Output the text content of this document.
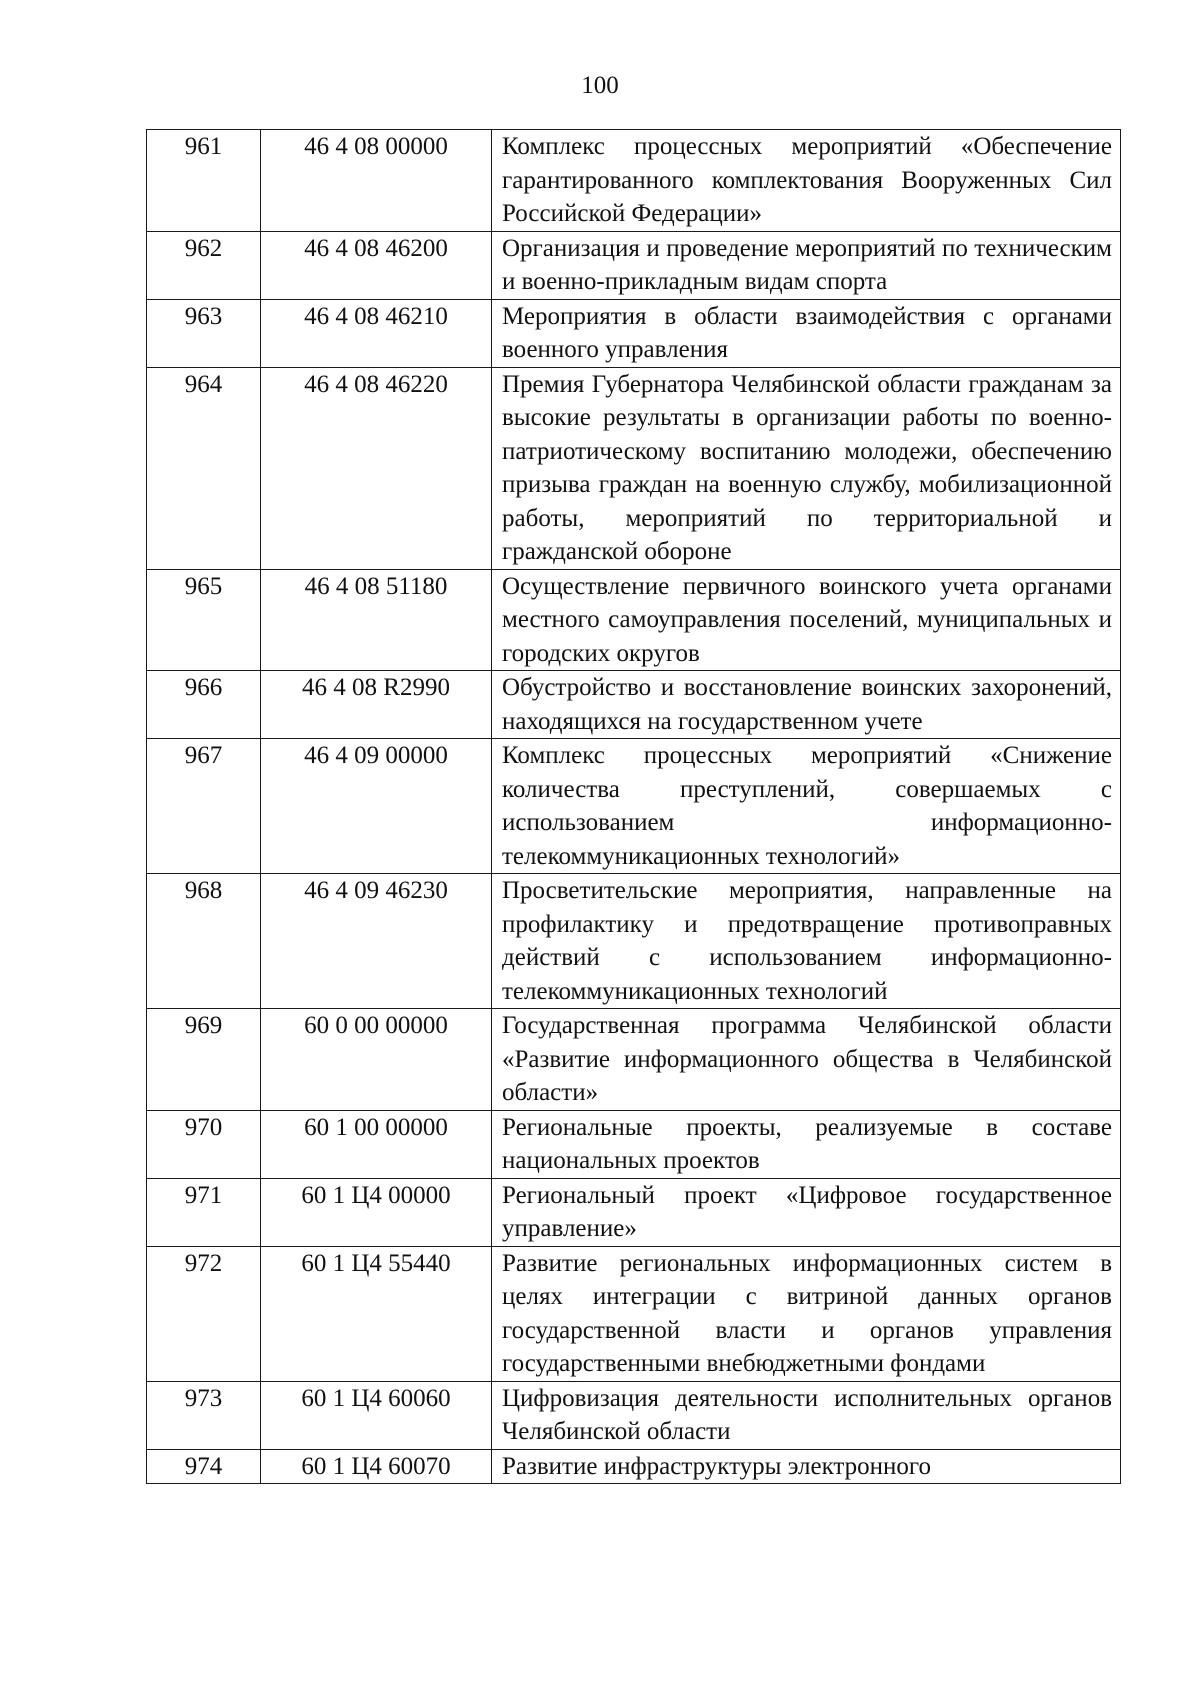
100
961	46 4 08 00000	Комплекс процессных мероприятий «Обеспечение гарантированного комплектования Вооруженных Сил Российской Федерации»

962	46 4 08 46200	Организация и проведение мероприятий по техническим и военно-прикладным видам спорта

963	46 4 08 46210	Мероприятия в области взаимодействия с органами военного управления

964	46 4 08 46220	Премия Губернатора Челябинской области гражданам за высокие результаты в организации работы по военно-патриотическому воспитанию молодежи, обеспечению призыва граждан на военную службу, мобилизационной работы, мероприятий по территориальной и гражданской обороне

965	46 4 08 51180	Осуществление первичного воинского учета органами местного самоуправления поселений, муниципальных и городских округов

966	46 4 08 R2990	Обустройство и восстановление воинских захоронений, находящихся на государственном учете

967	46 4 09 00000	Комплекс процессных мероприятий «Снижение количества преступлений, совершаемых с использованием информационно-телекоммуникационных технологий»

968	46 4 09 46230	Просветительские мероприятия, направленные на профилактику и предотвращение противоправных действий с использованием информационно-телекоммуникационных технологий

969	60 0 00 00000	Государственная программа Челябинской области «Развитие информационного общества в Челябинской области»

970	60 1 00 00000	Региональные проекты, реализуемые в составе национальных проектов

971	60 1 Ц4 00000	Региональный проект «Цифровое государственное управление»

972	60 1 Ц4 55440	Развитие региональных информационных систем в целях интеграции с витриной данных органов государственной власти и органов управления государственными внебюджетными фондами

973	60 1 Ц4 60060	Цифровизация деятельности исполнительных органов Челябинской области

974	60 1 Ц4 60070	Развитие инфраструктуры электронного
